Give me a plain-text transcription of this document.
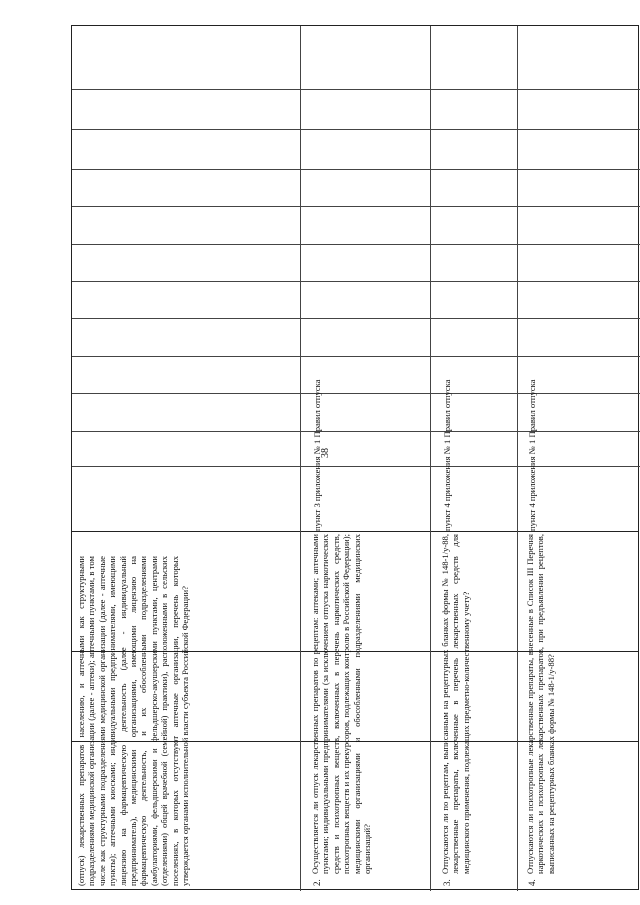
38
(отпуск) лекарственных препаратов населению, и аптечными как структурными подразделениями медицинской организации (далее - аптеки); аптечными пунктами, в том числе как структурными подразделениями медицинской организации (далее - аптечные пункты); аптечными киосками; индивидуальными предпринимателями, имеющими лицензию на фармацевтическую деятельность (далее - индивидуальный предприниматель), медицинскими организациями, имеющими лицензию на фармацевтическую деятельность, и их обособленными подразделениями (амбулаториями, фельдшерскими и фельдшерско-акушерскими пунктами, центрами (отделениями) общей врачебной (семейной) практики), расположенными в сельских поселениях, в которых отсутствуют аптечные организации, перечень которых утверждается органами исполнительной власти субъекта Российской Федерации?	2.
Осуществляется ли отпуск лекарственных препаратов по рецептам: аптеками; аптечными пунктами; индивидуальными предпринимателями (за исключением отпуска наркотических средств и психотропных веществ, включенных в перечень наркотических средств, психотропных веществ и их прекурсоров, подлежащих контролю в Российской Федерации); медицинскими организациями и обособленными подразделениями медицинских организаций?
пункт 3 приложения № 1 Правил отпуска
3.
Отпускаются ли по рецептам, выписанным на рецептурных бланках формы № 148-1/у-88, лекарственные препараты, включенные в перечень лекарственных средств для медицинского применения, подлежащих предметно-количественному учету?
пункт 4 приложения № 1 Правил отпуска
4.
Отпускаются ли психотропные лекарственные препараты, внесенные в Список III Перечня наркотических и психотропных лекарственных препаратов, при предъявлении рецептов, выписанных на рецептурных бланках формы № 148-1/у-88?
пункт 4 приложения № 1 Правил отпуска
